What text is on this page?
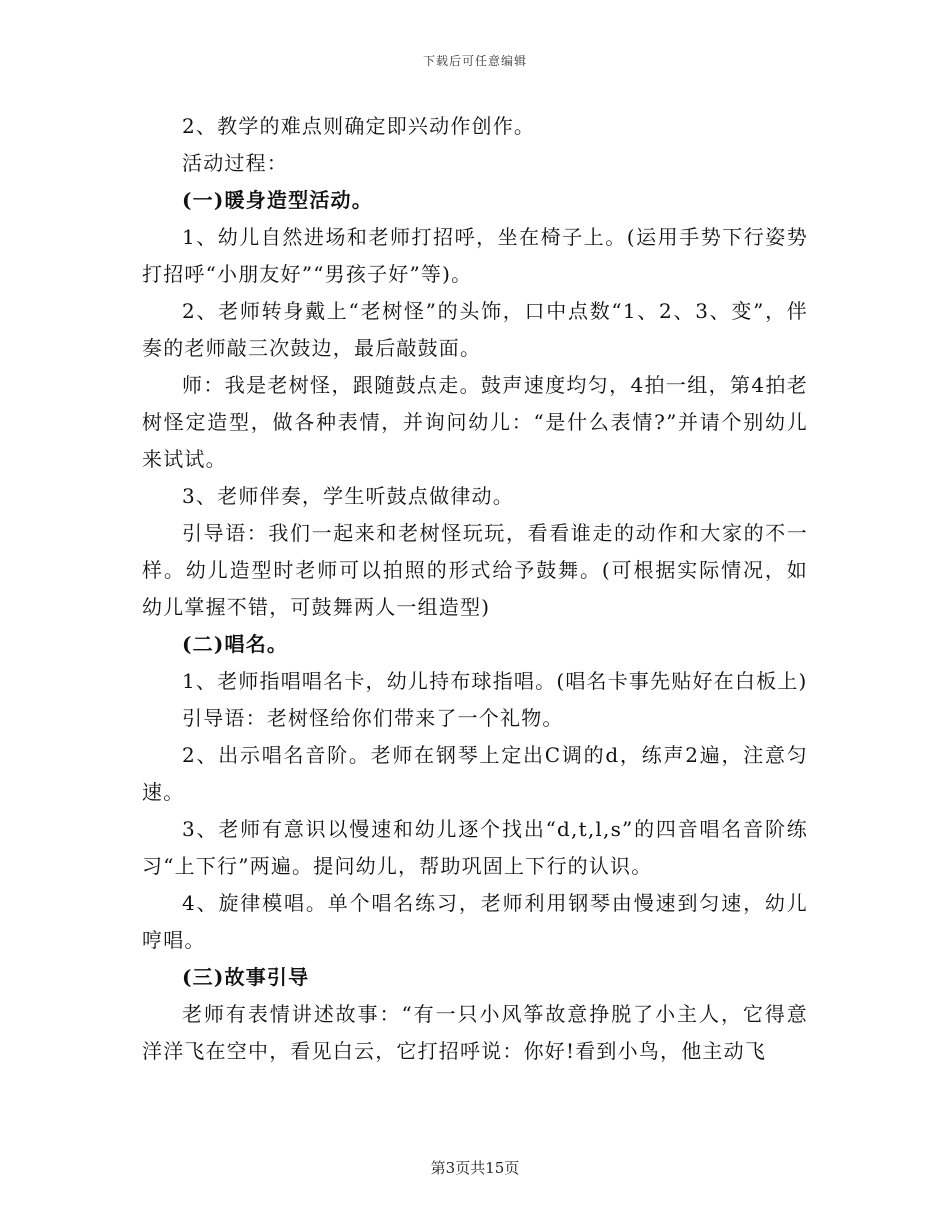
下载后可任意编辑

2、教学的难点则确定即兴动作创作。

活动过程：

(一)暖身造型活动。

1、幼儿自然进场和老师打招呼，坐在椅子上。(运用手势下行姿势打招呼“小朋友好”“男孩子好”等)。

2、老师转身戴上“老树怪”的头饰，口中点数“1、2、3、变”，伴奏的老师敲三次鼓边，最后敲鼓面。

师：我是老树怪，跟随鼓点走。鼓声速度均匀，4拍一组，第4拍老树怪定造型，做各种表情，并询问幼儿：“是什么表情?”并请个别幼儿来试试。

3、老师伴奏，学生听鼓点做律动。

引导语：我们一起来和老树怪玩玩，看看谁走的动作和大家的不一样。幼儿造型时老师可以拍照的形式给予鼓舞。(可根据实际情况，如幼儿掌握不错，可鼓舞两人一组造型)

(二)唱名。

1、老师指唱唱名卡，幼儿持布球指唱。(唱名卡事先贴好在白板上)

引导语：老树怪给你们带来了一个礼物。

2、出示唱名音阶。老师在钢琴上定出C调的d，练声2遍，注意匀速。

3、老师有意识以慢速和幼儿逐个找出“d,t,l,s”的四音唱名音阶练习“上下行”两遍。提问幼儿，帮助巩固上下行的认识。

4、旋律模唱。单个唱名练习，老师利用钢琴由慢速到匀速，幼儿哼唱。

(三)故事引导

老师有表情讲述故事：“有一只小风筝故意挣脱了小主人，它得意洋洋飞在空中，看见白云，它打招呼说：你好!看到小鸟，他主动飞

第3页共15页
